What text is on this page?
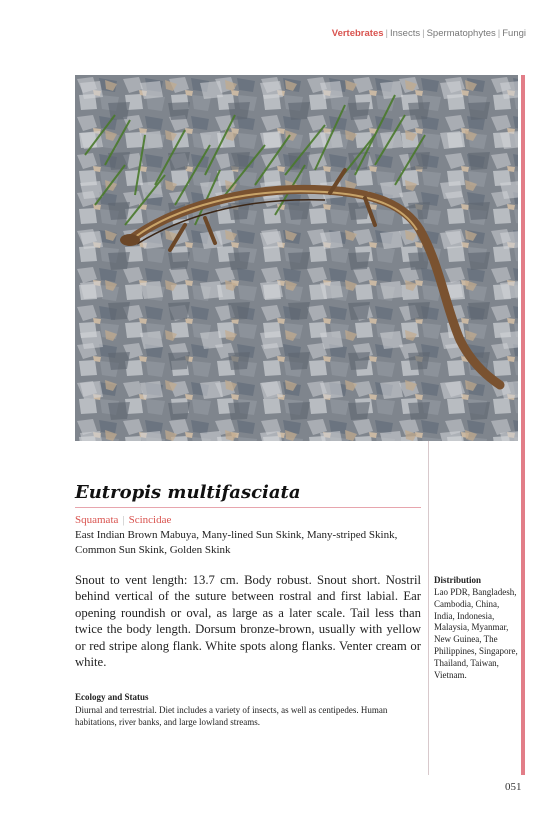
Vertebrates | Insects | Spermatophytes | Fungi
Eutropis multifasciata
Squamata | Scincidae
East Indian Brown Mabuya, Many-lined Sun Skink, Many-striped Skink, Common Sun Skink, Golden Skink
Snout to vent length: 13.7 cm. Body robust. Snout short. Nostril behind vertical of the suture between rostral and first labial. Ear opening roundish or oval, as large as a later scale. Tail less than twice the body length. Dorsum bronze-brown, usually with yellow or red stripe along flank. White spots along flanks. Venter cream or white.
Ecology and Status
Diurnal and terrestrial. Diet includes a variety of insects, as well as centipedes. Human habitations, river banks, and large lowland streams.
Distribution
Lao PDR, Bangladesh, Cambodia, China, India, Indonesia, Malaysia, Myanmar, New Guinea, The Philippines, Singapore, Thailand, Taiwan, Vietnam.
051
